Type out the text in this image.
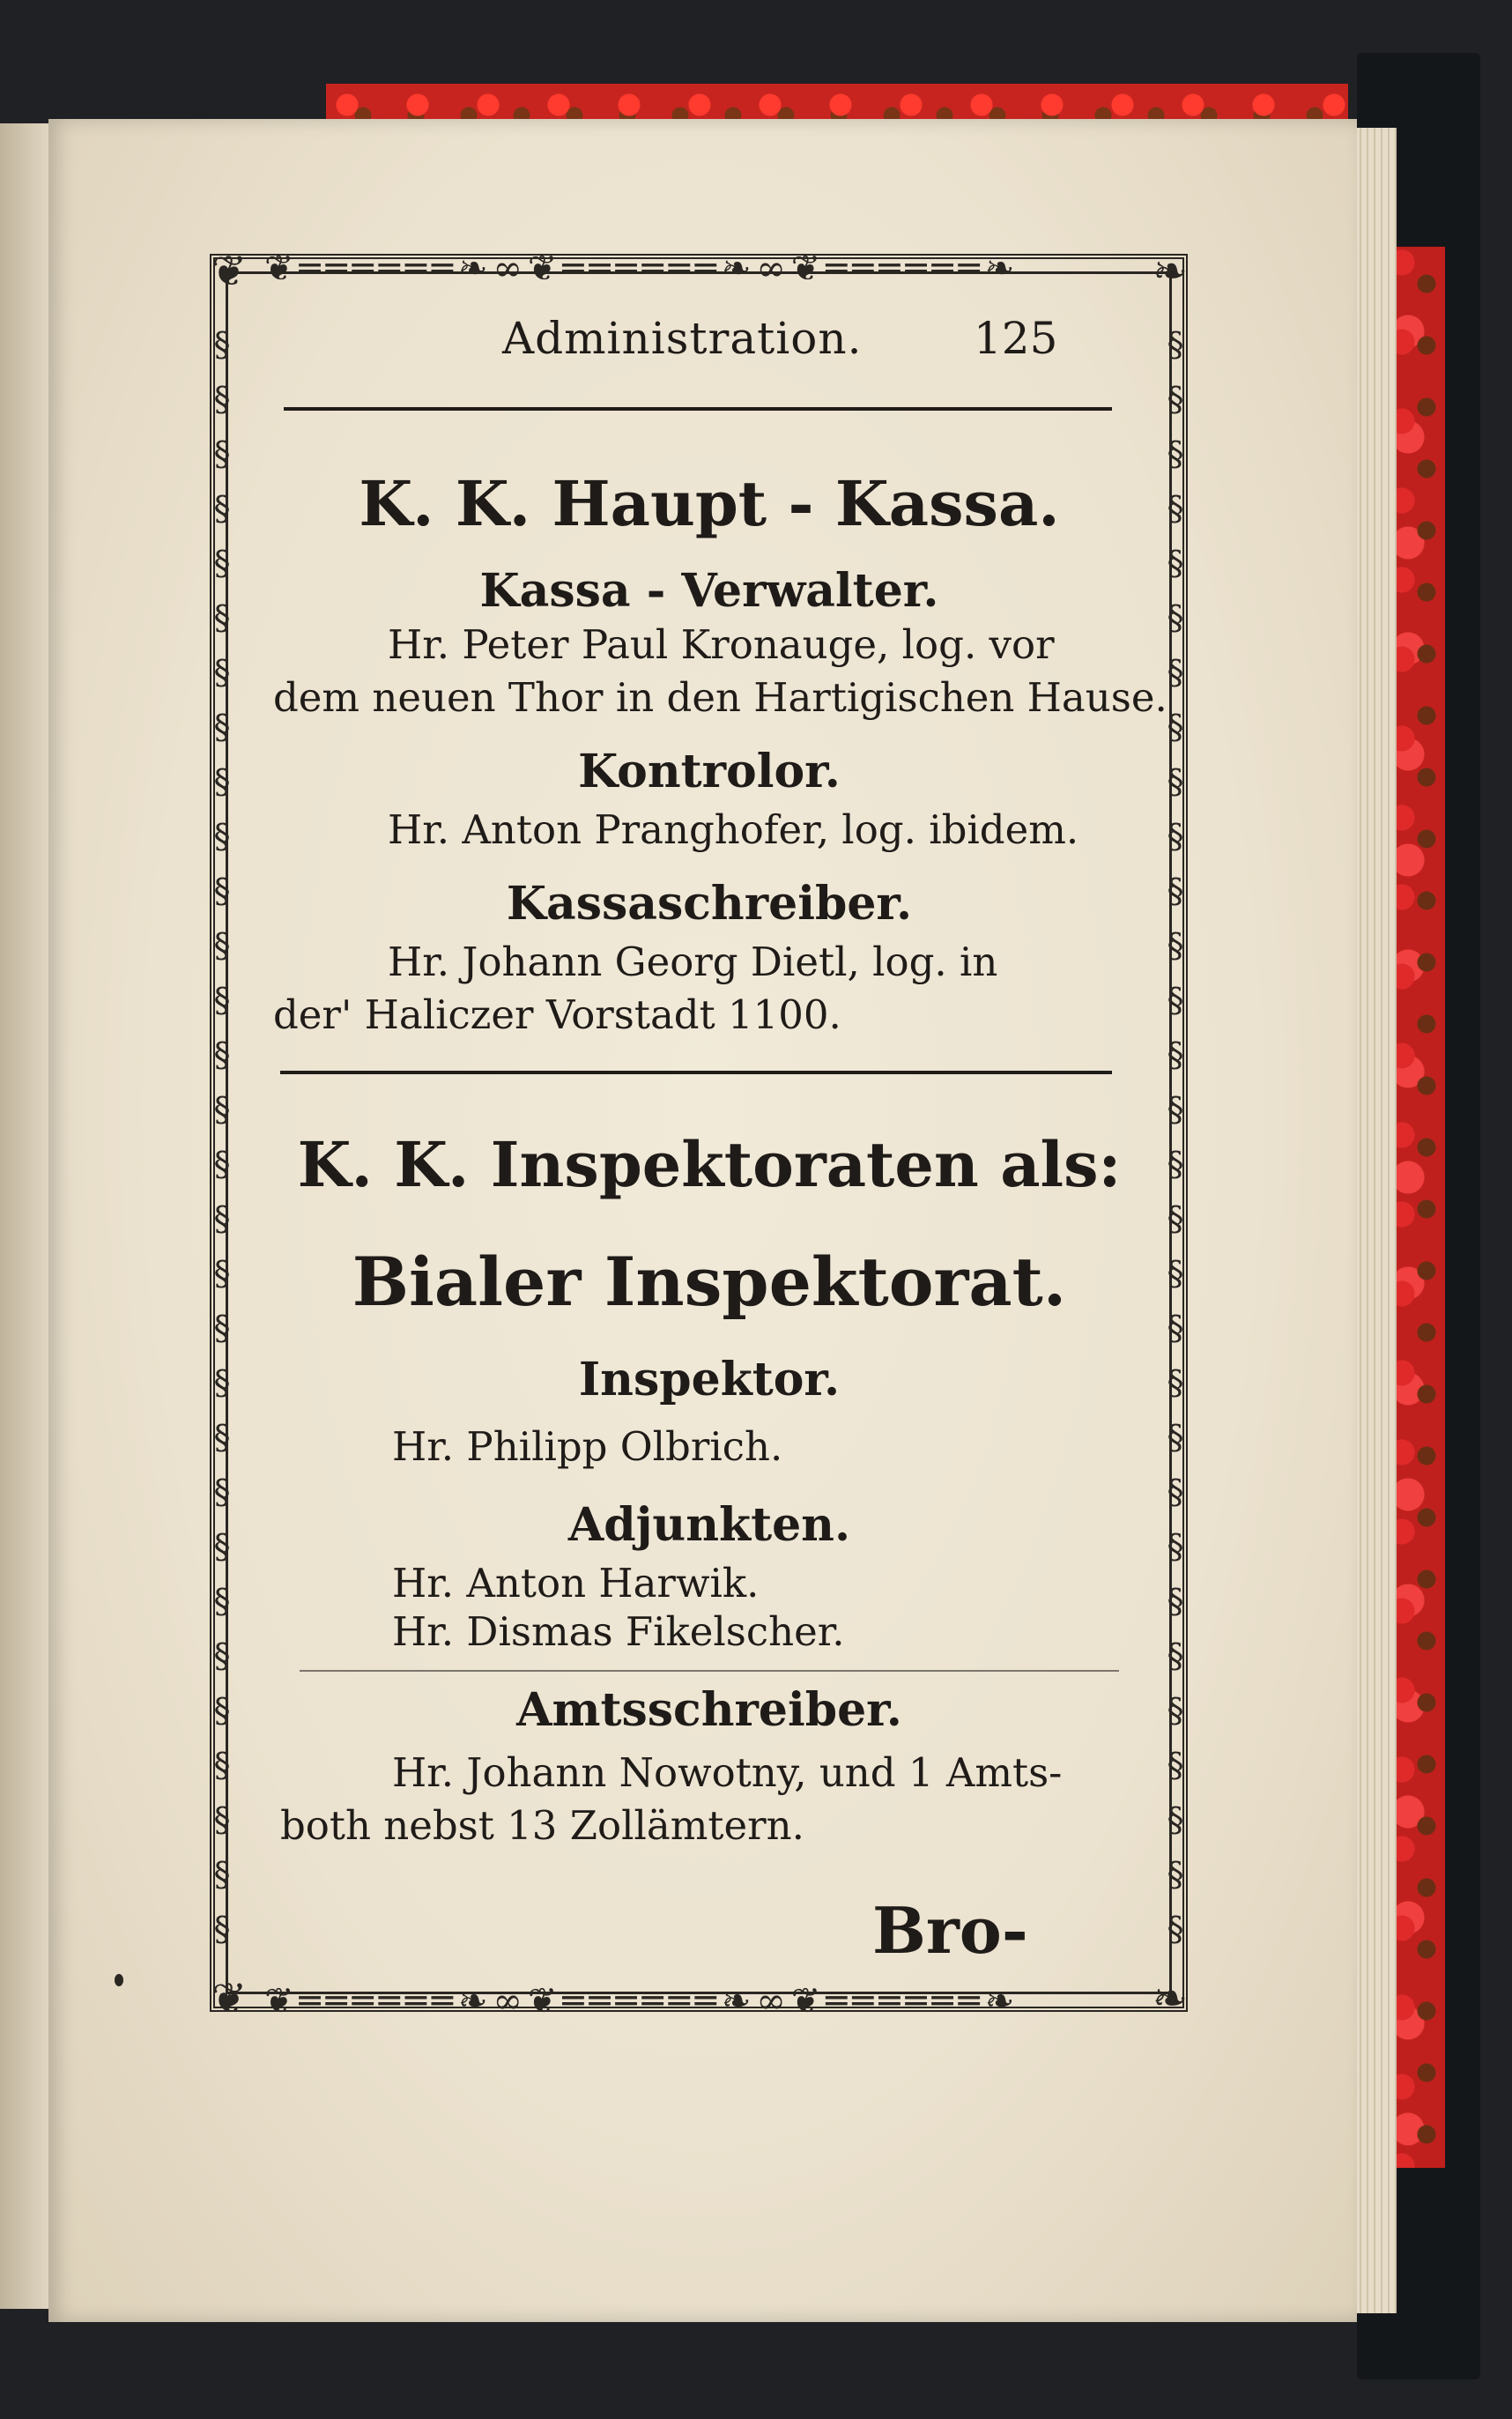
❦══════❧∞❦══════❧∞❦══════❧
❦══════❧∞❦══════❧∞❦══════❧
§
§
§
§
§
§
§
§
§
§
§
§
§
§
§
§
§
§
§
§
§
§
§
§
§
§
§
§
§
§
§
§
§
§
§
§
§
§
§
§
§
§
§
§
§
§
§
§
§
§
§
§
§
§
§
§
§
§
§
§
❦	❧
❦	❧
Administration.	125
K. K. Haupt - Kassa.
Kassa - Verwalter.
Hr. Peter Paul Kronauge, log. vor
dem neuen Thor in den Hartigischen Hause.
Kontrolor.
Hr. Anton Pranghofer, log. ibidem.
Kassaschreiber.
Hr. Johann Georg Dietl, log. in
der' Haliczer Vorstadt 1100.
K. K. Inspektoraten als:
Bialer Inspektorat.
Inspektor.
Hr. Philipp Olbrich.
Adjunkten.
Hr. Anton Harwik.
Hr. Dismas Fikelscher.
Amtsschreiber.
Hr. Johann Nowotny, und 1 Amts-
both nebst 13 Zollämtern.
Bro-
